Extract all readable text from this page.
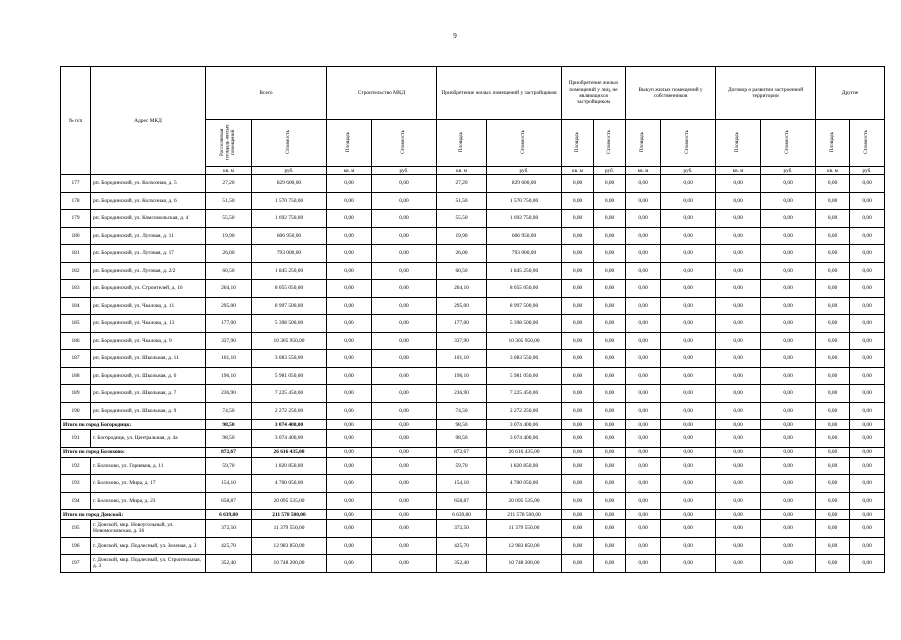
9
№ п/п	Адрес МКД	Всего		Строительство МКД		Приобретение жилых помещений у застройщиков		Приобретение жилых помещений у лиц, не являющихся застройщиком		Выкуп жилых помещений у собственников		Договор о развитии застроенной территории		Другие	
		Расселяемая площадь жилых помещений	Стоимость	Площадь	Стоимость	Площадь	Стоимость	Площадь	Стоимость	Площадь	Стоимость	Площадь	Стоимость	Площадь	Стоимость
		кв. м	руб.	кв. м	руб.	кв. м	руб.	кв. м	руб.	кв. м	руб.	кв. м	руб.	кв. м	руб.
177	рп. Бородинский, ул. Колхозная, д. 5	27,20	829 600,00	0,00	0,00	27,20	829 600,00	0,00	0,00	0,00	0,00	0,00	0,00	0,00	0,00
178	рп. Бородинский, ул. Колхозная, д. 6	51,50	1 570 750,00	0,00	0,00	51,50	1 570 750,00	0,00	0,00	0,00	0,00	0,00	0,00	0,00	0,00
179	рп. Бородинский, ул. Комсомольская, д. 4	55,50	1 692 750,00	0,00	0,00	55,50	1 692 750,00	0,00	0,00	0,00	0,00	0,00	0,00	0,00	0,00
180	рп. Бородинский, ул. Луговая, д. 11	19,90	606 950,00	0,00	0,00	19,90	606 950,00	0,00	0,00	0,00	0,00	0,00	0,00	0,00	0,00
181	рп. Бородинский, ул. Луговая, д. 17	26,00	793 000,00	0,00	0,00	26,00	793 000,00	0,00	0,00	0,00	0,00	0,00	0,00	0,00	0,00
182	рп. Бородинский, ул. Луговая, д. 2/2	60,50	1 845 250,00	0,00	0,00	60,50	1 845 250,00	0,00	0,00	0,00	0,00	0,00	0,00	0,00	0,00
183	рп. Бородинский, ул. Строителей, д. 16	264,10	8 055 050,00	0,00	0,00	264,10	8 055 050,00	0,00	0,00	0,00	0,00	0,00	0,00	0,00	0,00
184	рп. Бородинский, ул. Чкалова, д. 11	295,00	8 997 500,00	0,00	0,00	295,00	8 997 500,00	0,00	0,00	0,00	0,00	0,00	0,00	0,00	0,00
185	рп. Бородинский, ул. Чкалова, д. 13	177,00	5 398 500,00	0,00	0,00	177,00	5 398 500,00	0,00	0,00	0,00	0,00	0,00	0,00	0,00	0,00
186	рп. Бородинский, ул. Чкалова, д. 9	337,90	10 305 950,00	0,00	0,00	337,90	10 305 950,00	0,00	0,00	0,00	0,00	0,00	0,00	0,00	0,00
187	рп. Бородинский, ул. Школьная, д. 11	101,10	3 083 550,00	0,00	0,00	101,10	3 083 550,00	0,00	0,00	0,00	0,00	0,00	0,00	0,00	0,00
188	рп. Бородинский, ул. Школьная, д. 6	196,10	5 981 050,00	0,00	0,00	196,10	5 981 050,00	0,00	0,00	0,00	0,00	0,00	0,00	0,00	0,00
189	рп. Бородинский, ул. Школьная, д. 7	236,90	7 225 450,00	0,00	0,00	236,90	7 225 450,00	0,00	0,00	0,00	0,00	0,00	0,00	0,00	0,00
190	рп. Бородинский, ул. Школьная, д. 9	74,50	2 272 250,00	0,00	0,00	74,50	2 272 250,00	0,00	0,00	0,00	0,00	0,00	0,00	0,00	0,00
Итого по город Богородицк:		98,50	3 074 400,00	0,00	0,00	98,50	3 074 400,00	0,00	0,00	0,00	0,00	0,00	0,00	0,00	0,00
191	г. Богородицк, ул. Центральная, д. 4а	98,50	3 074 400,00	0,00	0,00	98,50	3 074 400,00	0,00	0,00	0,00	0,00	0,00	0,00	0,00	0,00
Итого по город Болохово:		872,67	26 616 435,00	0,00	0,00	872,67	26 616 435,00	0,00	0,00	0,00	0,00	0,00	0,00	0,00	0,00
192	г. Болохово, ул. Горняков, д. 11	59,70	1 820 850,00	0,00	0,00	59,70	1 820 850,00	0,00	0,00	0,00	0,00	0,00	0,00	0,00	0,00
193	г. Болохово, ул. Мира, д. 17	154,10	4 700 050,00	0,00	0,00	154,10	4 700 050,00	0,00	0,00	0,00	0,00	0,00	0,00	0,00	0,00
194	г. Болохово, ул. Мира, д. 23	658,87	20 095 535,00	0,00	0,00	658,87	20 095 535,00	0,00	0,00	0,00	0,00	0,00	0,00	0,00	0,00
Итого по город Донской:		6 639,80	211 578 500,00	0,00	0,00	6 639,80	211 578 500,00	0,00	0,00	0,00	0,00	0,00	0,00	0,00	0,00
195	г. Донской, мкр. Новоугольный, ул. Новомосковская, д. 36	372,50	11 379 550,00	0,00	0,00	372,50	11 379 550,00	0,00	0,00	0,00	0,00	0,00	0,00	0,00	0,00
196	г. Донской, мкр. Подлесный, ул. Зеленая, д. 3	425,70	12 983 850,00	0,00	0,00	425,70	12 983 850,00	0,00	0,00	0,00	0,00	0,00	0,00	0,00	0,00
197	г. Донской, мкр. Подлесный, ул. Строительная, д. 3	352,40	10 748 200,00	0,00	0,00	352,40	10 748 200,00	0,00	0,00	0,00	0,00	0,00	0,00	0,00	0,00
